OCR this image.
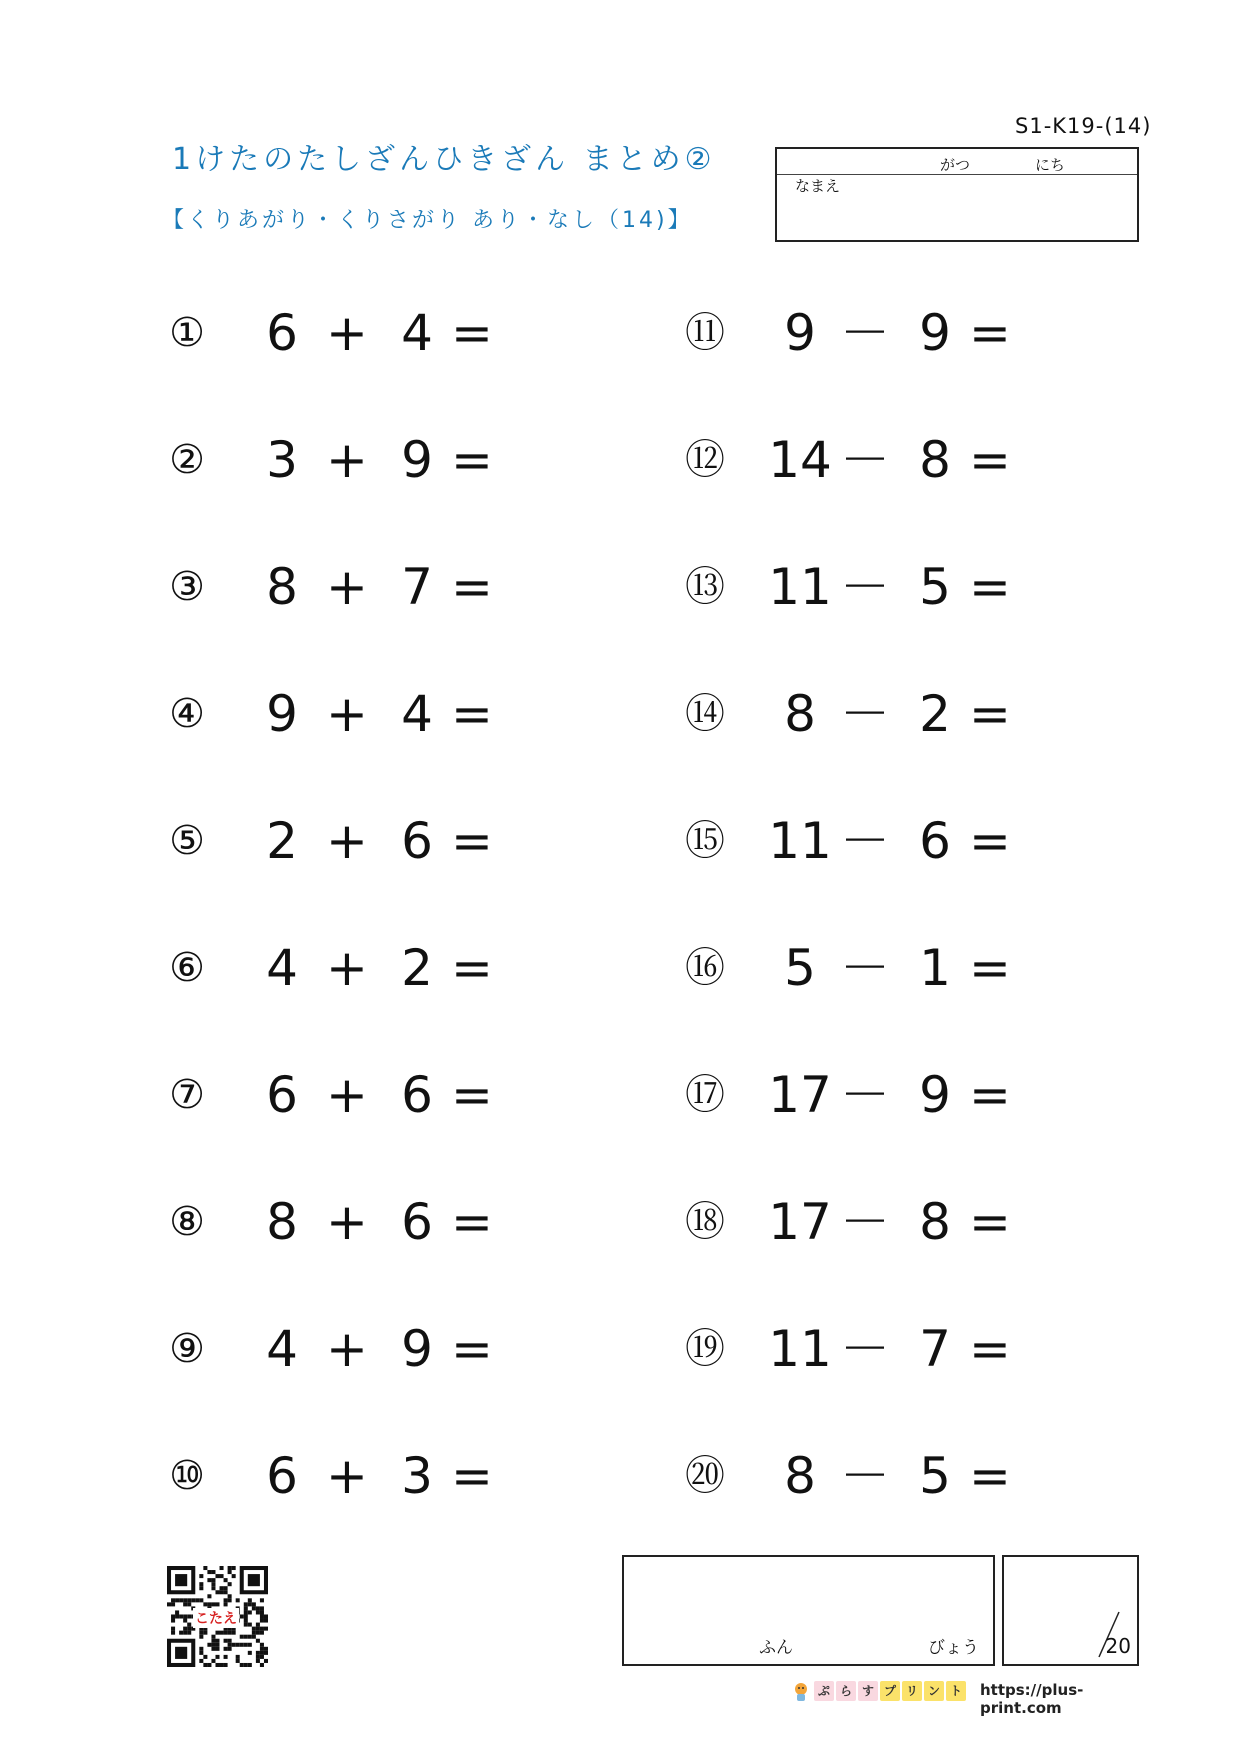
S1-K19-(14)
1けたのたしざんひきざん まとめ②
【くりあがり・くりさがり あり・なし（14)】
がつ	にち
なまえ
①	6 + 4 =
②	3 + 9 =
③	8 + 7 =
④	9 + 4 =
⑤	2 + 6 =
⑥	4 + 2 =
⑦	6 + 6 =
⑧	8 + 6 =
⑨	4 + 9 =
⑩	6 + 3 =
⑪	9 － 9 =
⑫ 14 － 8 =
⑬ 11 － 5 =
⑭	8 － 2 =
⑮ 11 － 6 =
⑯	5 － 1 =
⑰ 17 － 9 =
⑱ 17 － 8 =
⑲ 11 － 7 =
⑳	8 － 5 =
こたえ
ふん	びょう	20
ぷ ら す プ リ ン ト	https://plus-print.com
